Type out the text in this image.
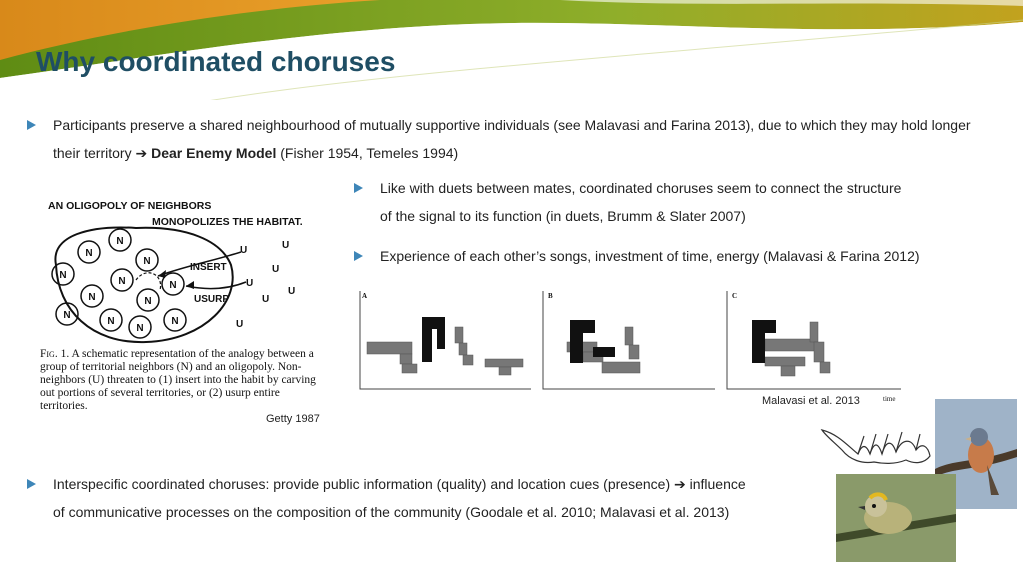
Why coordinated choruses
Participants preserve a shared neighbourhood of mutually supportive individuals (see Malavasi and Farina 2013), due to which they may hold longer their territory ➔ Dear Enemy Model (Fisher 1954, Temeles 1994)
Like with duets between mates, coordinated choruses seem to connect the structure
of the signal to its function (in duets, Brumm & Slater 2007)
Experience of each other’s songs, investment of time, energy (Malavasi & Farina 2012)
AN OLIGOPOLY OF NEIGHBORS
MONOPOLIZES THE HABITAT.
N
N
N
N
N	N
N	N
N
N
N
N
INSERT
USURP
U	U
U
U
U
U
U
Fig. 1. A schematic representation of the analogy between a group of territorial neighbors (N) and an oligopoly. Non-neighbors (U) threaten to (1) insert into the habit by carving out portions of several territories, or (2) usurp entire territories.
Getty 1987
A	B	C
time
Malavasi et al. 2013
Interspecific coordinated choruses: provide public information (quality) and location cues (presence) ➔ influence
of communicative processes on the composition of the community (Goodale et al. 2010; Malavasi et al. 2013)
